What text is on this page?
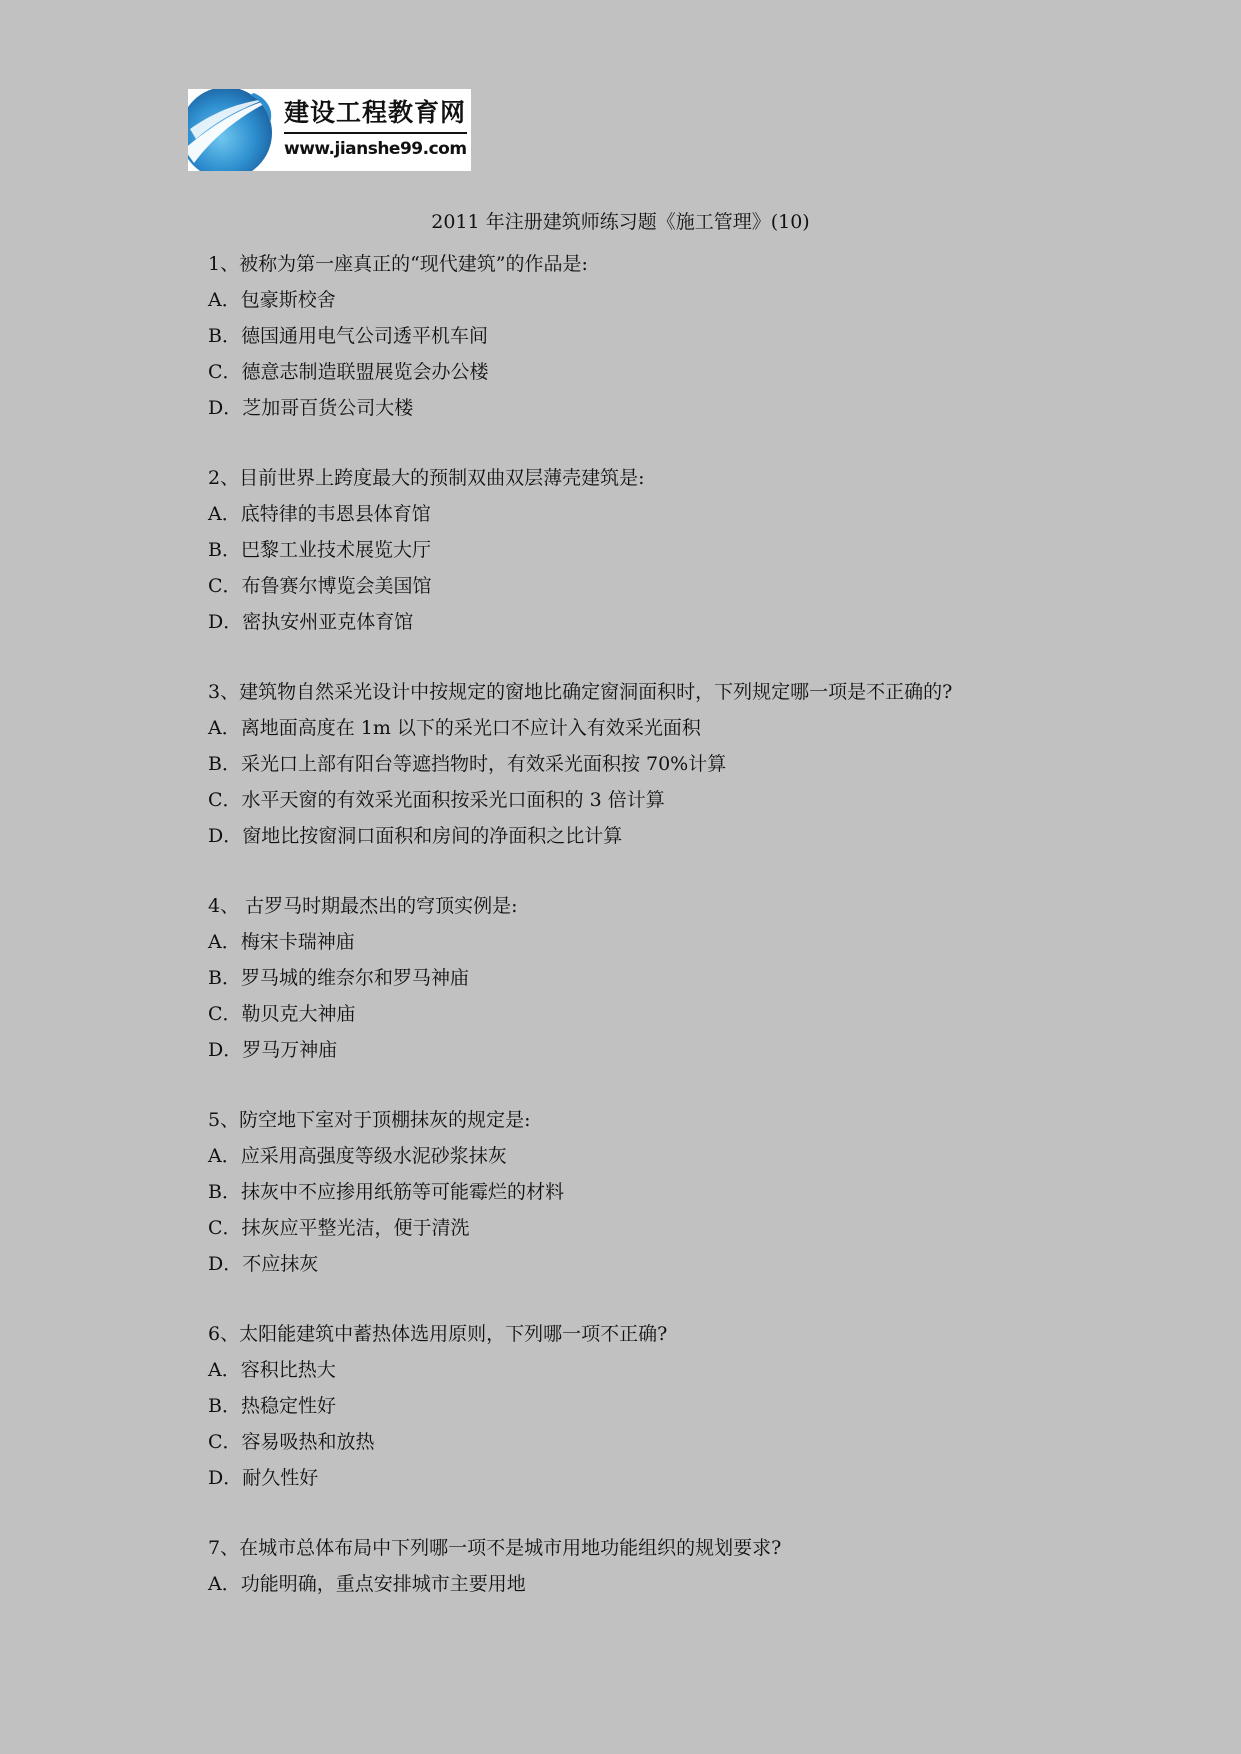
建设工程教育网
www.jianshe99.com
2011 年注册建筑师练习题《施工管理》(10)
1、被称为第一座真正的“现代建筑”的作品是:
A．包豪斯校舍
B．德国通用电气公司透平机车间
C．德意志制造联盟展览会办公楼
D．芝加哥百货公司大楼
2、目前世界上跨度最大的预制双曲双层薄壳建筑是:
A．底特律的韦恩县体育馆
B．巴黎工业技术展览大厅
C．布鲁赛尔博览会美国馆
D．密执安州亚克体育馆
3、建筑物自然采光设计中按规定的窗地比确定窗洞面积时，下列规定哪一项是不正确的?
A．离地面高度在 1m 以下的采光口不应计入有效采光面积
B．采光口上部有阳台等遮挡物时，有效采光面积按 70%计算
C．水平天窗的有效采光面积按采光口面积的 3 倍计算
D．窗地比按窗洞口面积和房间的净面积之比计算
4、 古罗马时期最杰出的穹顶实例是:
A．梅宋卡瑞神庙
B．罗马城的维奈尔和罗马神庙
C．勒贝克大神庙
D．罗马万神庙
5、防空地下室对于顶棚抹灰的规定是:
A．应采用高强度等级水泥砂浆抹灰
B．抹灰中不应掺用纸筋等可能霉烂的材料
C．抹灰应平整光洁，便于清洗
D．不应抹灰
6、太阳能建筑中蓄热体选用原则，下列哪一项不正确?
A．容积比热大
B．热稳定性好
C．容易吸热和放热
D．耐久性好
7、在城市总体布局中下列哪一项不是城市用地功能组织的规划要求?
A．功能明确，重点安排城市主要用地
